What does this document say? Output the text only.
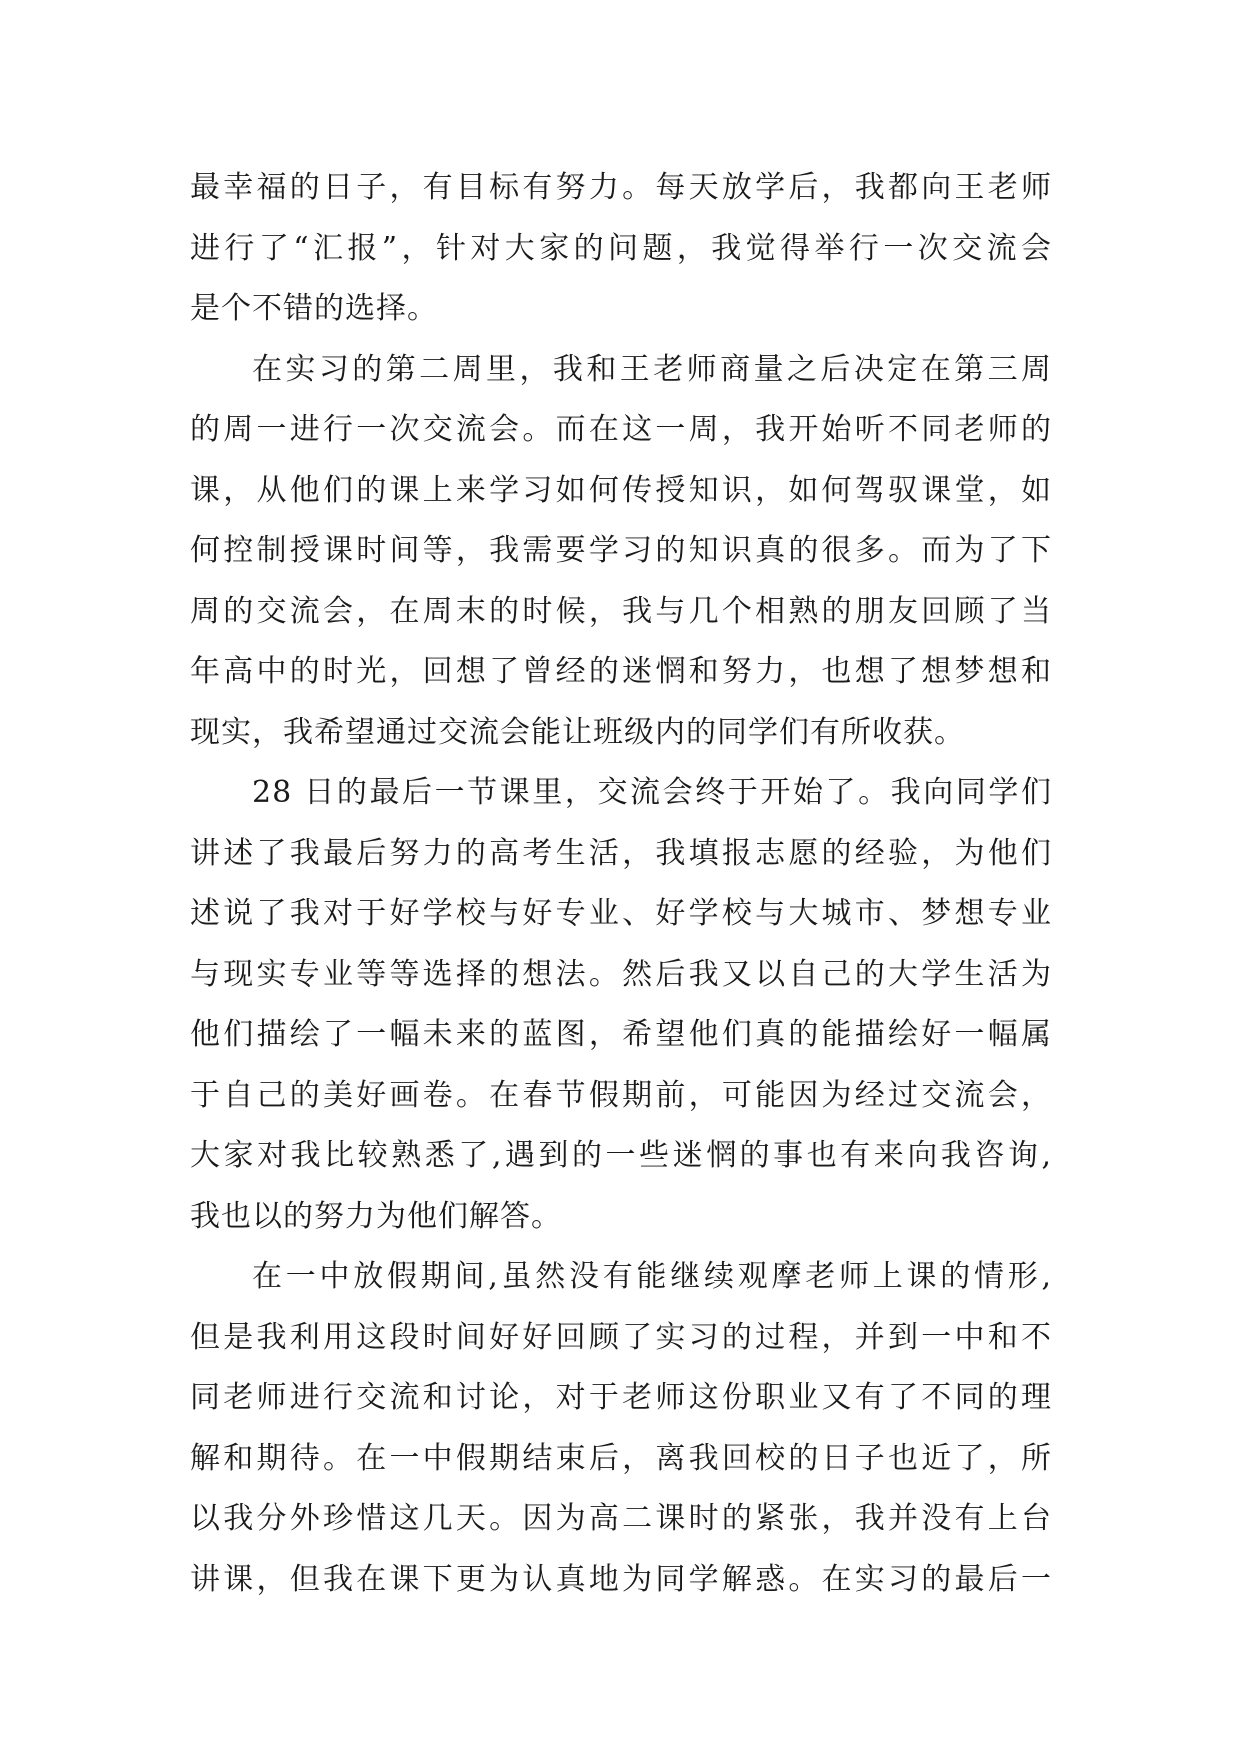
最幸福的日子，有目标有努力。每天放学后，我都向王老师
进行了“汇报”，针对大家的问题，我觉得举行一次交流会
是个不错的选择。
在实习的第二周里，我和王老师商量之后决定在第三周
的周一进行一次交流会。而在这一周，我开始听不同老师的
课，从他们的课上来学习如何传授知识，如何驾驭课堂，如
何控制授课时间等，我需要学习的知识真的很多。而为了下
周的交流会，在周末的时候，我与几个相熟的朋友回顾了当
年高中的时光，回想了曾经的迷惘和努力，也想了想梦想和
现实，我希望通过交流会能让班级内的同学们有所收获。
28 日的最后一节课里，交流会终于开始了。我向同学们
讲述了我最后努力的高考生活，我填报志愿的经验，为他们
述说了我对于好学校与好专业、好学校与大城市、梦想专业
与现实专业等等选择的想法。然后我又以自己的大学生活为
他们描绘了一幅未来的蓝图，希望他们真的能描绘好一幅属
于自己的美好画卷。在春节假期前，可能因为经过交流会，
大家对我比较熟悉了,遇到的一些迷惘的事也有来向我咨询,
我也以的努力为他们解答。
在一中放假期间,虽然没有能继续观摩老师上课的情形,
但是我利用这段时间好好回顾了实习的过程，并到一中和不
同老师进行交流和讨论，对于老师这份职业又有了不同的理
解和期待。在一中假期结束后，离我回校的日子也近了，所
以我分外珍惜这几天。因为高二课时的紧张，我并没有上台
讲课，但我在课下更为认真地为同学解惑。在实习的最后一
